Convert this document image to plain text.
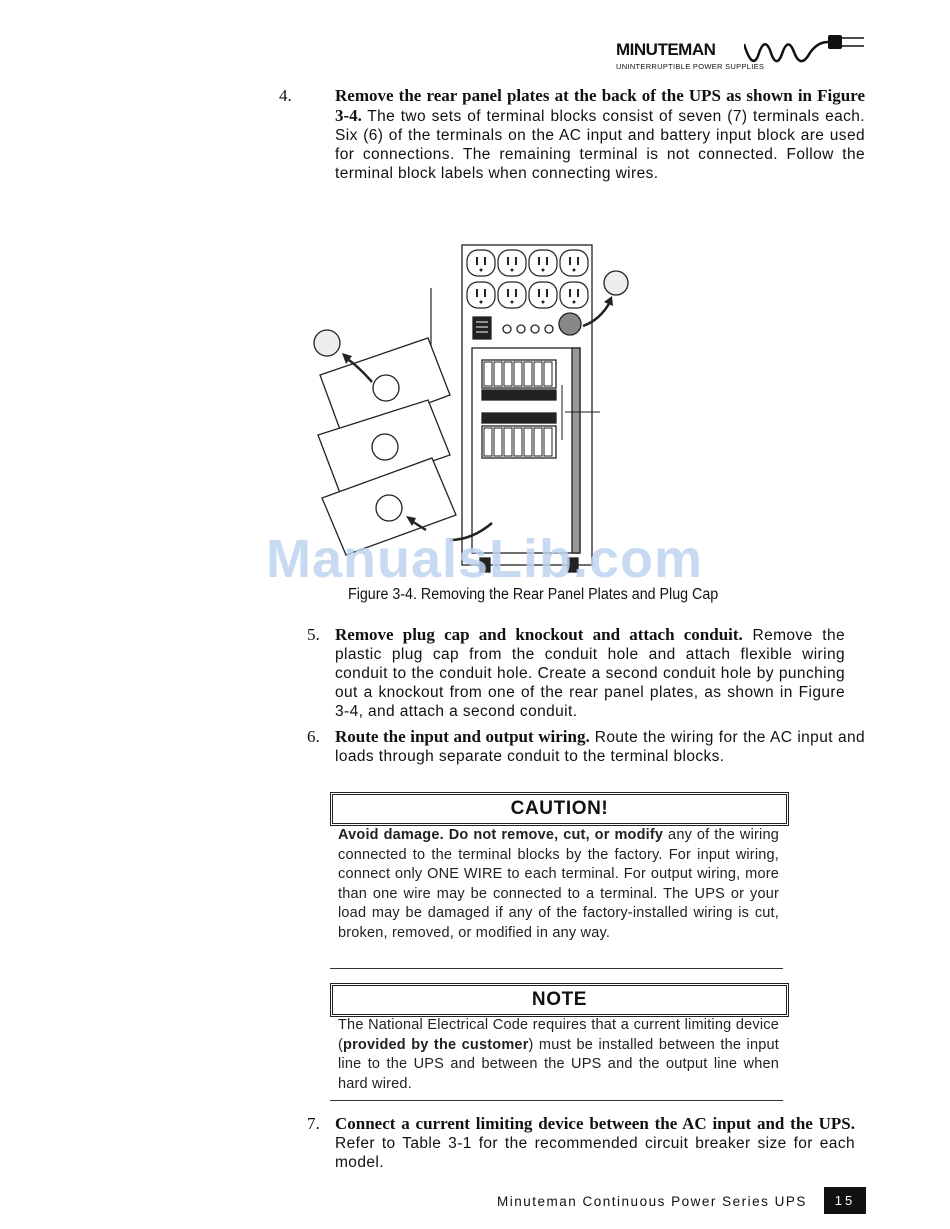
MINUTEMAN
UNINTERRUPTIBLE POWER SUPPLIES
4.	Remove the rear panel plates at the back of the UPS as shown in Figure 3-4. The two sets of terminal blocks consist of seven (7) terminals each. Six (6) of the terminals on the AC input and battery input block are used for connections. The remaining terminal is not connected. Follow the terminal block labels when connecting wires.
ManualsLib.com
Figure 3-4. Removing the Rear Panel Plates and Plug Cap
5. Remove plug cap and knockout and attach conduit. Remove the plastic plug cap from the conduit hole and attach flexible wiring conduit to the conduit hole. Create a second conduit hole by punching out a knockout from one of the rear panel plates, as shown in Figure 3-4, and attach a second conduit.
6. Route the input and output wiring. Route the wiring for the AC input and loads through separate conduit to the terminal blocks.
CAUTION!
Avoid damage. Do not remove, cut, or modify any of the wiring connected to the terminal blocks by the factory. For input wiring, connect only ONE WIRE to each terminal. For output wiring, more than one wire may be connected to a terminal. The UPS or your load may be damaged if any of the factory-installed wiring is cut, broken, removed, or modified in any way.
NOTE
The National Electrical Code requires that a current limiting device (provided by the customer) must be installed between the input line to the UPS and between the UPS and the output line when hard wired.
7. Connect a current limiting device between the AC input and the UPS. Refer to Table 3-1 for the recommended circuit breaker size for each model.
Minuteman Continuous Power Series UPS	15
